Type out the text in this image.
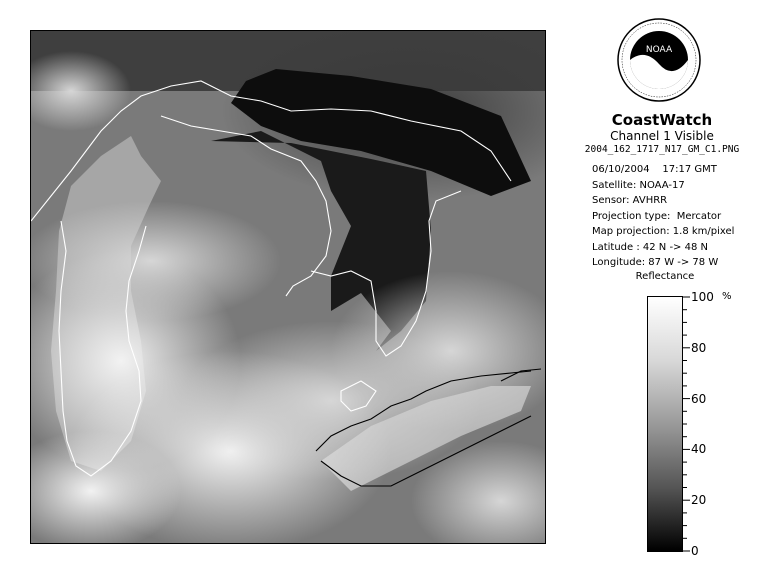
NOAA
CoastWatch
Channel 1 Visible
2004_162_1717_N17_GM_C1.PNG
06/10/2004 17:17 GMT
Satellite: NOAA-17
Sensor: AVHRR
Projection type:  Mercator
Map projection: 1.8 km/pixel
Latitude : 42 N -> 48 N
Longitude: 87 W -> 78 W
Reflectance
%
100
80
60
40
20
0
